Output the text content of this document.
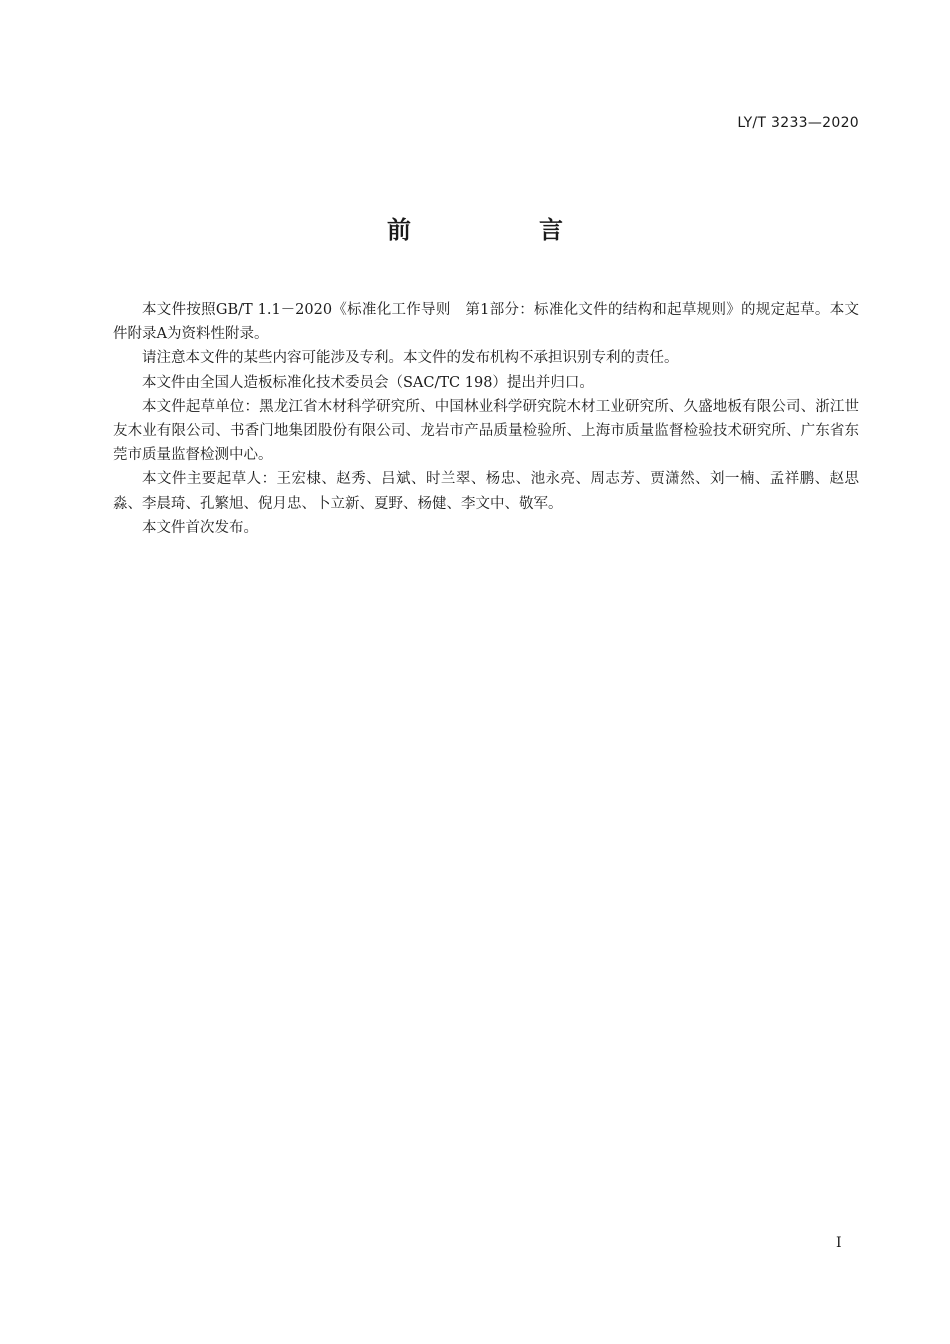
LY/T 3233—2020
前　言

本文件按照GB/T 1.1－2020《标准化工作导则　第1部分：标准化文件的结构和起草规则》的规定起草。本文件附录A为资料性附录。

请注意本文件的某些内容可能涉及专利。本文件的发布机构不承担识别专利的责任。

本文件由全国人造板标准化技术委员会（SAC/TC 198）提出并归口。

本文件起草单位：黑龙江省木材科学研究所、中国林业科学研究院木材工业研究所、久盛地板有限公司、浙江世友木业有限公司、书香门地集团股份有限公司、龙岩市产品质量检验所、上海市质量监督检验技术研究所、广东省东莞市质量监督检测中心。

本文件主要起草人：王宏棣、赵秀、吕斌、时兰翠、杨忠、池永亮、周志芳、贾潇然、刘一楠、孟祥鹏、赵思淼、李晨琦、孔繁旭、倪月忠、卜立新、夏野、杨健、李文中、敬军。

本文件首次发布。

I
